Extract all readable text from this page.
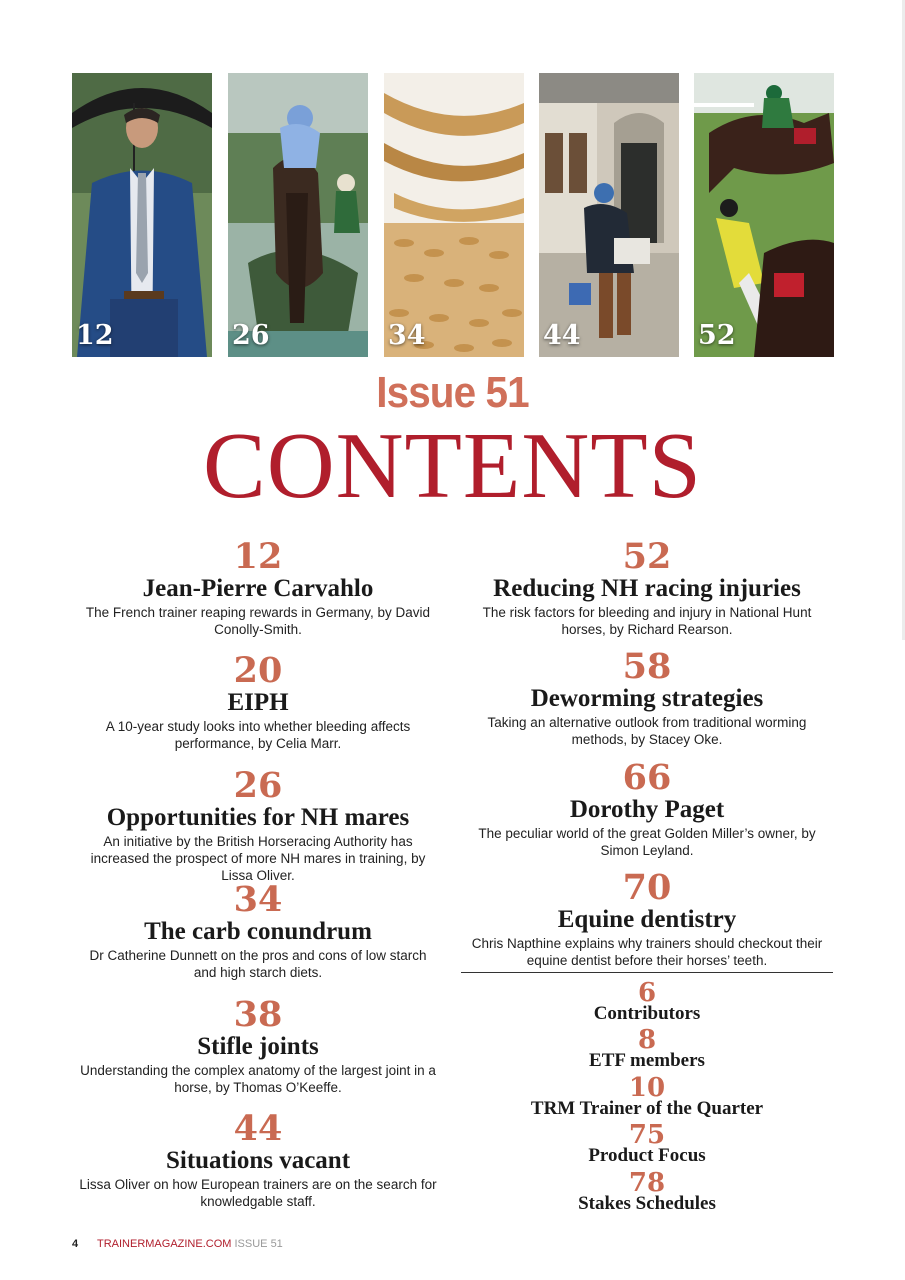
12	26	34	44	52
Issue 51
CONTENTS
12
Jean-Pierre Carvahlo
The French trainer reaping rewards in Germany, by David Conolly-Smith.
20
EIPH
A 10-year study looks into whether bleeding affects performance, by Celia Marr.
26
Opportunities for NH mares
An initiative by the British Horseracing Authority has increased the prospect of more NH mares in training, by Lissa Oliver.
34
The carb conundrum
Dr Catherine Dunnett on the pros and cons of low starch and high starch diets.
38
Stifle joints
Understanding the complex anatomy of the largest joint in a horse, by Thomas O’Keeffe.
44
Situations vacant
Lissa Oliver on how European trainers are on the search for knowledgable staff.
52
Reducing NH racing injuries
The risk factors for bleeding and injury in National Hunt horses, by Richard Rearson.
58
Deworming strategies
Taking an alternative outlook from traditional worming methods, by Stacey Oke.
66
Dorothy Paget
The peculiar world of the great Golden Miller’s owner, by Simon Leyland.
70
Equine dentistry
Chris Napthine explains why trainers should checkout their equine dentist before their horses’ teeth.
6
Contributors
8
ETF members
10
TRM Trainer of the Quarter
75
Product Focus
78
Stakes Schedules
4 TRAINERMAGAZINE.COM ISSUE 51
